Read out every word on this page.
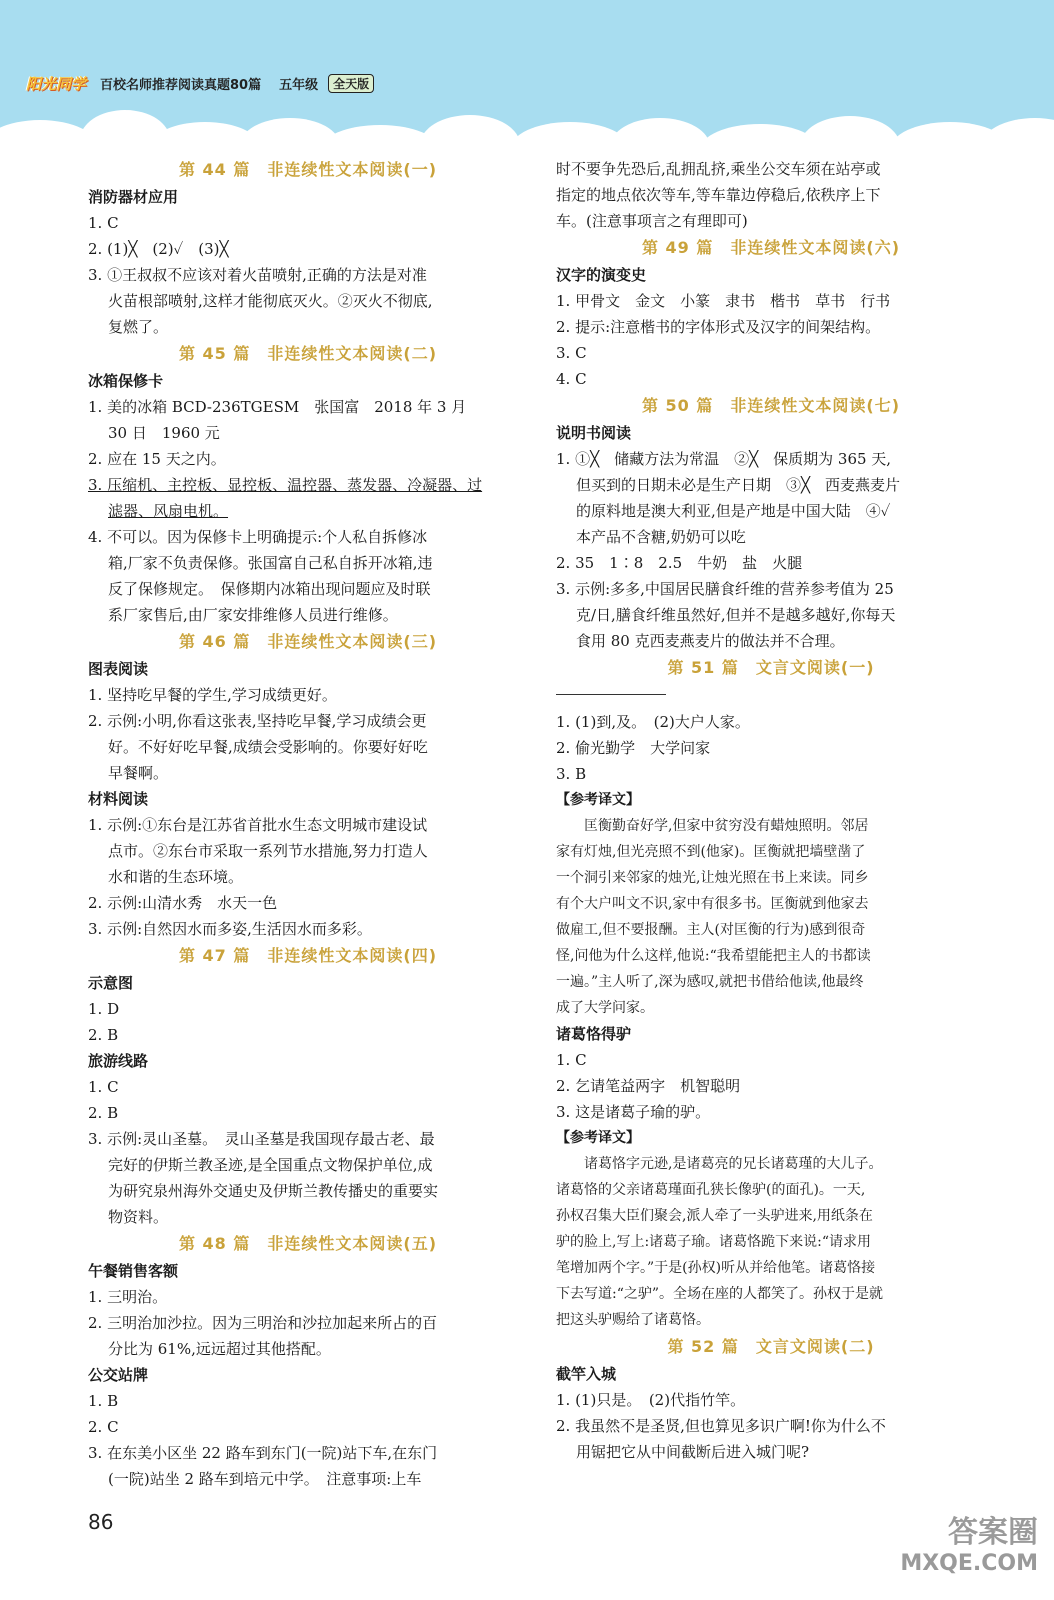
阳光同学	百校名师推荐阅读真题80篇 五年级	全天版
第 44 篇　非连续性文本阅读(一)
消防器材应用
1. C
2. (1)╳　(2)✓　(3)╳
3. ①王叔叔不应该对着火苗喷射,正确的方法是对准
火苗根部喷射,这样才能彻底灭火。②灭火不彻底,
复燃了。
第 45 篇　非连续性文本阅读(二)
冰箱保修卡
1. 美的冰箱 BCD-236TGESM　张国富　2018 年 3 月
30 日　1960 元
2. 应在 15 天之内。
3. 压缩机、主控板、显控板、温控器、蒸发器、冷凝器、过
滤器、风扇电机。
4. 不可以。因为保修卡上明确提示:个人私自拆修冰
箱,厂家不负责保修。张国富自己私自拆开冰箱,违
反了保修规定。　保修期内冰箱出现问题应及时联
系厂家售后,由厂家安排维修人员进行维修。
第 46 篇　非连续性文本阅读(三)
图表阅读
1. 坚持吃早餐的学生,学习成绩更好。
2. 示例:小明,你看这张表,坚持吃早餐,学习成绩会更
好。不好好吃早餐,成绩会受影响的。你要好好吃
早餐啊。
材料阅读
1. 示例:①东台是江苏省首批水生态文明城市建设试
点市。②东台市采取一系列节水措施,努力打造人
水和谐的生态环境。
2. 示例:山清水秀　水天一色
3. 示例:自然因水而多姿,生活因水而多彩。
第 47 篇　非连续性文本阅读(四)
示意图
1. D
2. B
旅游线路
1. C
2. B
3. 示例:灵山圣墓。　灵山圣墓是我国现存最古老、最
完好的伊斯兰教圣迹,是全国重点文物保护单位,成
为研究泉州海外交通史及伊斯兰教传播史的重要实
物资料。
第 48 篇　非连续性文本阅读(五)
午餐销售客额
1. 三明治。
2. 三明治加沙拉。因为三明治和沙拉加起来所占的百
分比为 61%,远远超过其他搭配。
公交站牌
1. B
2. C
3. 在东美小区坐 22 路车到东门(一院)站下车,在东门
(一院)站坐 2 路车到培元中学。　注意事项:上车
时不要争先恐后,乱拥乱挤,乘坐公交车须在站亭或
指定的地点依次等车,等车靠边停稳后,依秩序上下
车。(注意事项言之有理即可)
第 49 篇　非连续性文本阅读(六)
汉字的演变史
1. 甲骨文　金文　小篆　隶书　楷书　草书　行书
2. 提示:注意楷书的字体形式及汉字的间架结构。
3. C
4. C
第 50 篇　非连续性文本阅读(七)
说明书阅读
1. ①╳　储藏方法为常温　②╳　保质期为 365 天,
但买到的日期未必是生产日期　③╳　西麦燕麦片
的原料地是澳大利亚,但是产地是中国大陆　④✓
本产品不含糖,奶奶可以吃
2. 35　1∶8　2.5　牛奶　盐　火腿
3. 示例:多多,中国居民膳食纤维的营养参考值为 25
克/日,膳食纤维虽然好,但并不是越多越好,你每天
食用 80 克西麦燕麦片的做法并不合理。
第 51 篇　文言文阅读(一)
1. (1)到,及。　(2)大户人家。
2. 偷光勤学　大学问家
3. B
【参考译文】
　　匡衡勤奋好学,但家中贫穷没有蜡烛照明。邻居
家有灯烛,但光亮照不到(他家)。匡衡就把墙壁凿了
一个洞引来邻家的烛光,让烛光照在书上来读。同乡
有个大户叫文不识,家中有很多书。匡衡就到他家去
做雇工,但不要报酬。主人(对匡衡的行为)感到很奇
怪,问他为什么这样,他说:“我希望能把主人的书都读
一遍。”主人听了,深为感叹,就把书借给他读,他最终
成了大学问家。
诸葛恪得驴
1. C
2. 乞请笔益两字　机智聪明
3. 这是诸葛子瑜的驴。
【参考译文】
　　诸葛恪字元逊,是诸葛亮的兄长诸葛瑾的大儿子。
诸葛恪的父亲诸葛瑾面孔狭长像驴(的面孔)。一天,
孙权召集大臣们聚会,派人牵了一头驴进来,用纸条在
驴的脸上,写上:诸葛子瑜。诸葛恪跪下来说:“请求用
笔增加两个字。”于是(孙权)听从并给他笔。诸葛恪接
下去写道:“之驴”。全场在座的人都笑了。孙权于是就
把这头驴赐给了诸葛恪。
第 52 篇　文言文阅读(二)
截竿入城
1. (1)只是。　(2)代指竹竿。
2. 我虽然不是圣贤,但也算见多识广啊!你为什么不
用锯把它从中间截断后进入城门呢?
86	答案圈
MXQE.COM
